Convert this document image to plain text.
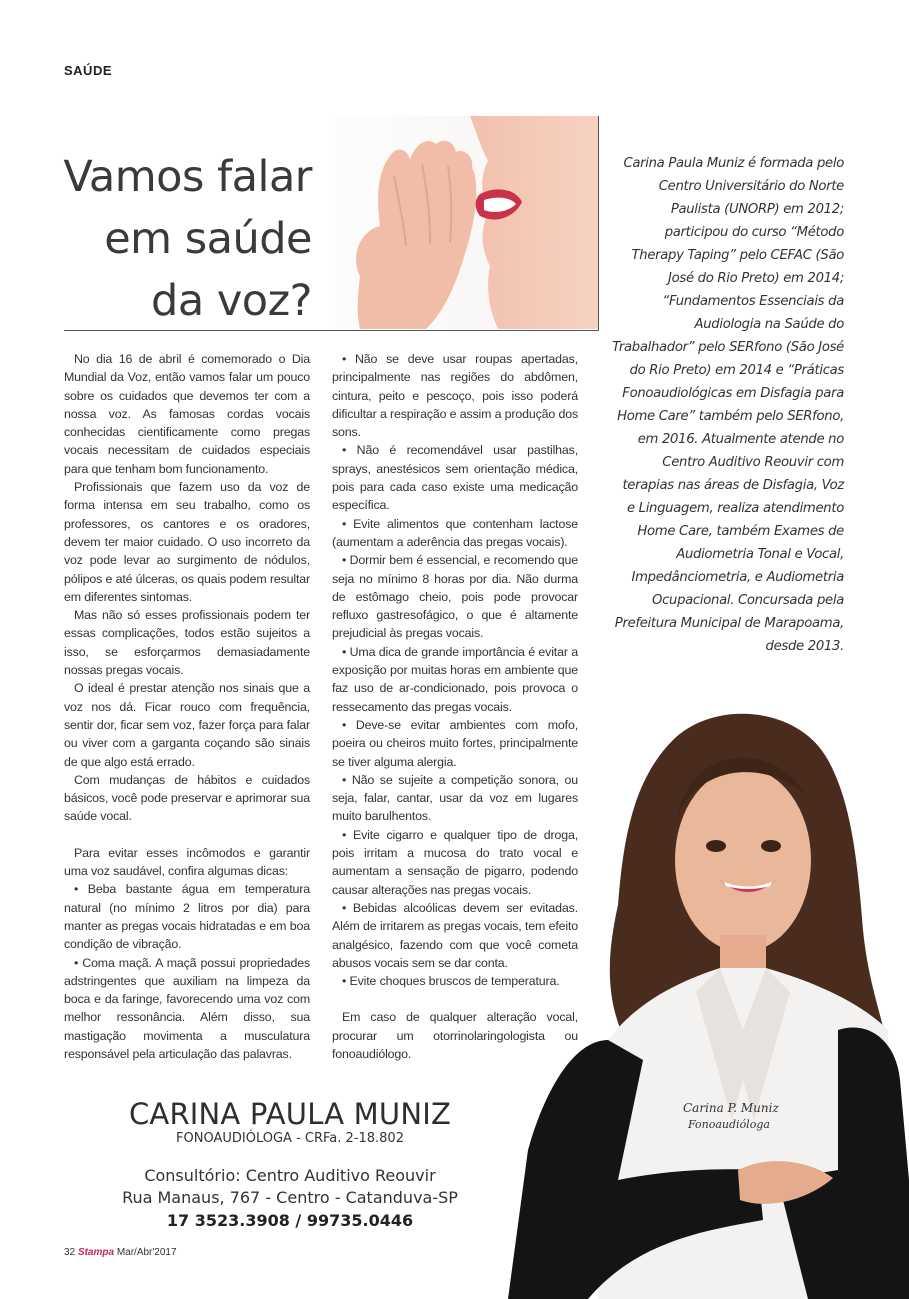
SAÚDE
Vamos falar
em saúde
da voz?

No dia 16 de abril é comemorado o Dia Mundial da Voz, então vamos falar um pouco sobre os cuidados que devemos ter com a nossa voz. As famosas cordas vocais conhecidas cientificamente como pregas vocais necessitam de cuidados especiais para que tenham bom funcionamento.

Profissionais que fazem uso da voz de forma intensa em seu trabalho, como os professores, os cantores e os oradores, devem ter maior cuidado. O uso incorreto da voz pode levar ao surgimento de nódulos, pólipos e até úlceras, os quais podem resultar em diferentes sintomas.

Mas não só esses profissionais podem ter essas complicações, todos estão sujeitos a isso, se esforçarmos demasiadamente nossas pregas vocais.

O ideal é prestar atenção nos sinais que a voz nos dá. Ficar rouco com frequência, sentir dor, ficar sem voz, fazer força para falar ou viver com a garganta coçando são sinais de que algo está errado.

Com mudanças de hábitos e cuidados básicos, você pode preservar e aprimorar sua saúde vocal.

Para evitar esses incômodos e garantir uma voz saudável, confira algumas dicas:

• Beba bastante água em temperatura natural (no mínimo 2 litros por dia) para manter as pregas vocais hidratadas e em boa condição de vibração.

• Coma maçã. A maçã possui propriedades adstringentes que auxiliam na limpeza da boca e da faringe, favorecendo uma voz com melhor ressonância. Além disso, sua mastigação movimenta a musculatura responsável pela articulação das palavras.

• Não se deve usar roupas apertadas, principalmente nas regiões do abdômen, cintura, peito e pescoço, pois isso poderá dificultar a respiração e assim a produção dos sons.

• Não é recomendável usar pastilhas, sprays, anestésicos sem orientação médica, pois para cada caso existe uma medicação específica.

• Evite alimentos que contenham lactose (aumentam a aderência das pregas vocais).

• Dormir bem é essencial, e recomendo que seja no mínimo 8 horas por dia. Não durma de estômago cheio, pois pode provocar refluxo gastresofágico, o que é altamente prejudicial às pregas vocais.

• Uma dica de grande importância é evitar a exposição por muitas horas em ambiente que faz uso de ar-condicionado, pois provoca o ressecamento das pregas vocais.

• Deve-se evitar ambientes com mofo, poeira ou cheiros muito fortes, principalmente se tiver alguma alergia.

• Não se sujeite a competição sonora, ou seja, falar, cantar, usar da voz em lugares muito barulhentos.

• Evite cigarro e qualquer tipo de droga, pois irritam a mucosa do trato vocal e aumentam a sensação de pigarro, podendo causar alterações nas pregas vocais.

• Bebidas alcoólicas devem ser evitadas. Além de irritarem as pregas vocais, tem efeito analgésico, fazendo com que você cometa abusos vocais sem se dar conta.

• Evite choques bruscos de temperatura.

Em caso de qualquer alteração vocal, procurar um otorrinolaringologista ou fonoaudiólogo.

Carina Paula Muniz é formada pelo Centro Universitário do Norte Paulista (UNORP) em 2012; participou do curso “Método Therapy Taping” pelo CEFAC (São José do Rio Preto) em 2014; “Fundamentos Essenciais da Audiologia na Saúde do Trabalhador” pelo SERfono (São José do Rio Preto) em 2014 e “Práticas Fonoaudiológicas em Disfagia para Home Care” também pelo SERfono, em 2016. Atualmente atende no Centro Auditivo Reouvir com terapias nas áreas de Disfagia, Voz e Linguagem, realiza atendimento Home Care, também Exames de Audiometria Tonal e Vocal, Impedânciometria, e Audiometria Ocupacional. Concursada pela Prefeitura Municipal de Marapoama, desde 2013.
Carina P. Muniz
Fonoaudióloga
CARINA PAULA MUNIZ
FONOAUDIÓLOGA - CRFa. 2-18.802
Consultório: Centro Auditivo Reouvir
Rua Manaus, 767 - Centro - Catanduva-SP
17 3523.3908 / 99735.0446
32 Stampa Mar/Abr'2017
